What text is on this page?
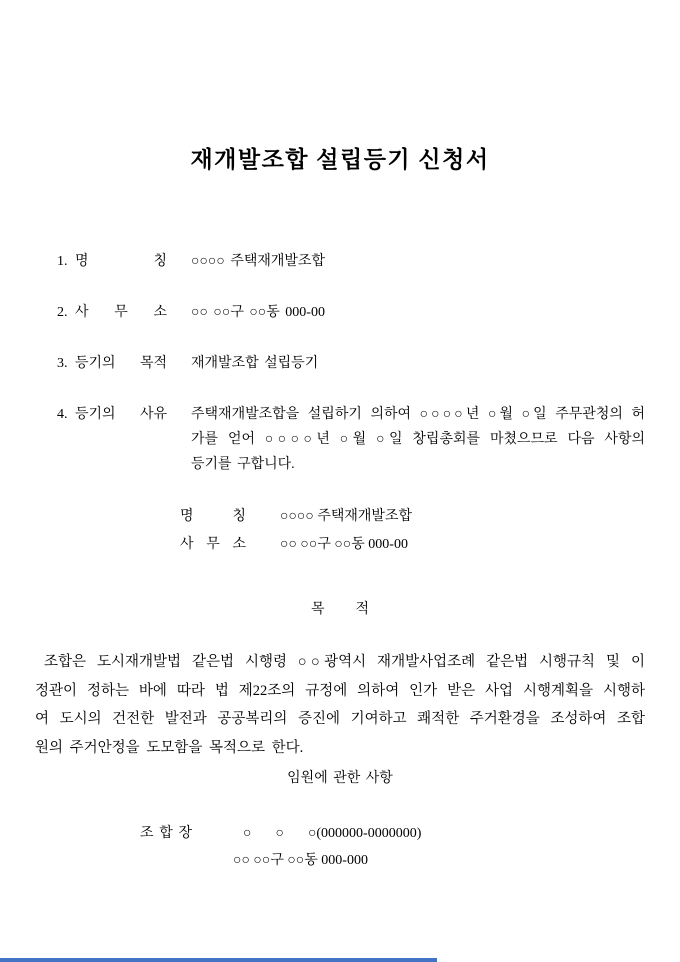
재개발조합 설립등기 신청서
1. 명	칭 ○○○○ 주택재개발조합
2. 사 무 소 ○○ ○○구 ○○동 000-00
3. 등기의 목적 재개발조합 설립등기
4. 등기의 사유 주택재개발조합을 설립하기 의하여 ○○○○년 ○월 ○일 주무관청의 허
가를 얻어 ○○○○년 ○월 ○일 창립총회를 마쳤으므로 다음 사항의
등기를 구합니다.
명	칭 ○○○○ 주택재개발조합
사 무 소 ○○ ○○구 ○○동 000-00
목 적
조합은 도시재개발법 같은법 시행령 ○○광역시 재개발사업조례 같은법 시행규칙 및 이
정관이 정하는 바에 따라 법 제22조의 규정에 의하여 인가 받은 사업 시행계획을 시행하
여 도시의 건전한 발전과 공공복리의 증진에 기여하고 쾌적한 주거환경을 조성하여 조합
원의 주거안정을 도모함을 목적으로 한다.
임원에 관한 사항
조 합 장	○ ○ ○(000000-0000000)
○○ ○○구 ○○동 000-000
